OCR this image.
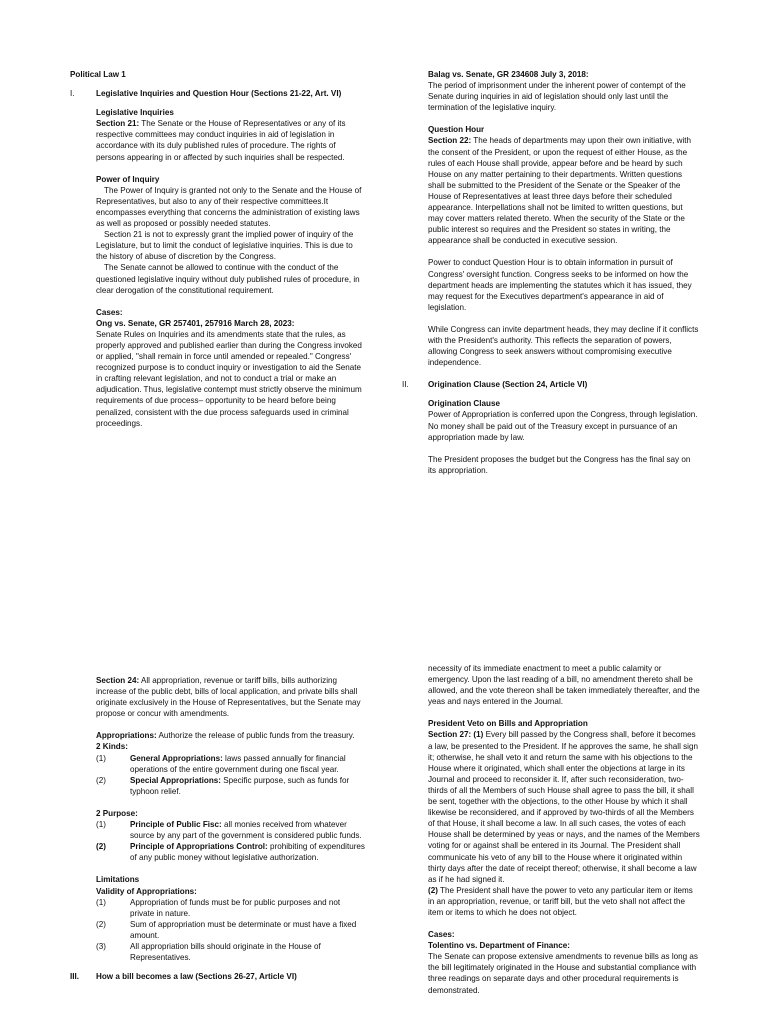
Political Law 1

I.	Legislative Inquiries and Question Hour (Sections 21-22, Art. VI)

Legislative Inquiries

Section 21: The Senate or the House of Representatives or any of its respective committees may conduct inquiries in aid of legislation in accordance with its duly published rules of procedure. The rights of persons appearing in or affected by such inquiries shall be respected.

Power of Inquiry

The Power of Inquiry is granted not only to the Senate and the House of Representatives, but also to any of their respective committees.It encompasses everything that concerns the administration of existing laws as well as proposed or possibly needed statutes.

Section 21 is not to expressly grant the implied power of inquiry of the Legislature, but to limit the conduct of legislative inquiries. This is due to the history of abuse of discretion by the Congress.

The Senate cannot be allowed to continue with the conduct of the questioned legislative inquiry without duly published rules of procedure, in clear derogation of the constitutional requirement.

Cases:

Ong vs. Senate, GR 257401, 257916 March 28, 2023:

Senate Rules on Inquiries and its amendments state that the rules, as properly approved and published earlier than during the Congress invoked or applied, "shall remain in force until amended or repealed." Congress' recognized purpose is to conduct inquiry or investigation to aid the Senate in crafting relevant legislation, and not to conduct a trial or make an adjudication. Thus, legislative contempt must strictly observe the minimum requirements of due process– opportunity to be heard before being penalized, consistent with the due process safeguards used in criminal proceedings.

Balag vs. Senate, GR 234608 July 3, 2018:

The period of imprisonment under the inherent power of contempt of the Senate during inquiries in aid of legislation should only last until the termination of the legislative inquiry.

Question Hour

Section 22: The heads of departments may upon their own initiative, with the consent of the President, or upon the request of either House, as the rules of each House shall provide, appear before and be heard by such House on any matter pertaining to their departments. Written questions shall be submitted to the President of the Senate or the Speaker of the House of Representatives at least three days before their scheduled appearance. Interpellations shall not be limited to written questions, but may cover matters related thereto. When the security of the State or the public interest so requires and the President so states in writing, the appearance shall be conducted in executive session.

Power to conduct Question Hour is to obtain information in pursuit of Congress' oversight function. Congress seeks to be informed on how the department heads are implementing the statutes which it has issued, they may request for the Executives department's appearance in aid of legislation.

While Congress can invite department heads, they may decline if it conflicts with the President's authority. This reflects the separation of powers, allowing Congress to seek answers without compromising executive independence.

II.	Origination Clause (Section 24, Article VI)

Origination Clause

Power of Appropriation is conferred upon the Congress, through legislation. No money shall be paid out of the Treasury except in pursuance of an appropriation made by law.

The President proposes the budget but the Congress has the final say on its appropriation.

Section 24: All appropriation, revenue or tariff bills, bills authorizing increase of the public debt, bills of local application, and private bills shall originate exclusively in the House of Representatives, but the Senate may propose or concur with amendments.

Appropriations: Authorize the release of public funds from the treasury.

2 Kinds:

(1)	General Appropriations: laws passed annually for financial operations of the entire government during one fiscal year.
(2)	Special Appropriations: Specific purpose, such as funds for typhoon relief.

2 Purpose:

(1)	Principle of Public Fisc: all monies received from whatever source by any part of the government is considered public funds.
(2)	Principle of Appropriations Control: prohibiting of expenditures of any public money without legislative authorization.

Limitations

Validity of Appropriations:

(1)	Appropriation of funds must be for public purposes and not private in nature.
(2)	Sum of appropriation must be determinate or must have a fixed amount.
(3)	All appropriation bills should originate in the House of Representatives.
III.	How a bill becomes a law (Sections 26-27, Article VI)

necessity of its immediate enactment to meet a public calamity or emergency. Upon the last reading of a bill, no amendment thereto shall be allowed, and the vote thereon shall be taken immediately thereafter, and the yeas and nays entered in the Journal.

President Veto on Bills and Appropriation

Section 27: (1) Every bill passed by the Congress shall, before it becomes a law, be presented to the President. If he approves the same, he shall sign it; otherwise, he shall veto it and return the same with his objections to the House where it originated, which shall enter the objections at large in its Journal and proceed to reconsider it. If, after such reconsideration, two-thirds of all the Members of such House shall agree to pass the bill, it shall be sent, together with the objections, to the other House by which it shall likewise be reconsidered, and if approved by two-thirds of all the Members of that House, it shall become a law. In all such cases, the votes of each House shall be determined by yeas or nays, and the names of the Members voting for or against shall be entered in its Journal. The President shall communicate his veto of any bill to the House where it originated within thirty days after the date of receipt thereof; otherwise, it shall become a law as if he had signed it.

(2) The President shall have the power to veto any particular item or items in an appropriation, revenue, or tariff bill, but the veto shall not affect the item or items to which he does not object.

Cases:

Tolentino vs. Department of Finance:

The Senate can propose extensive amendments to revenue bills as long as the bill legitimately originated in the House and substantial compliance with three readings on separate days and other procedural requirements is demonstrated.
